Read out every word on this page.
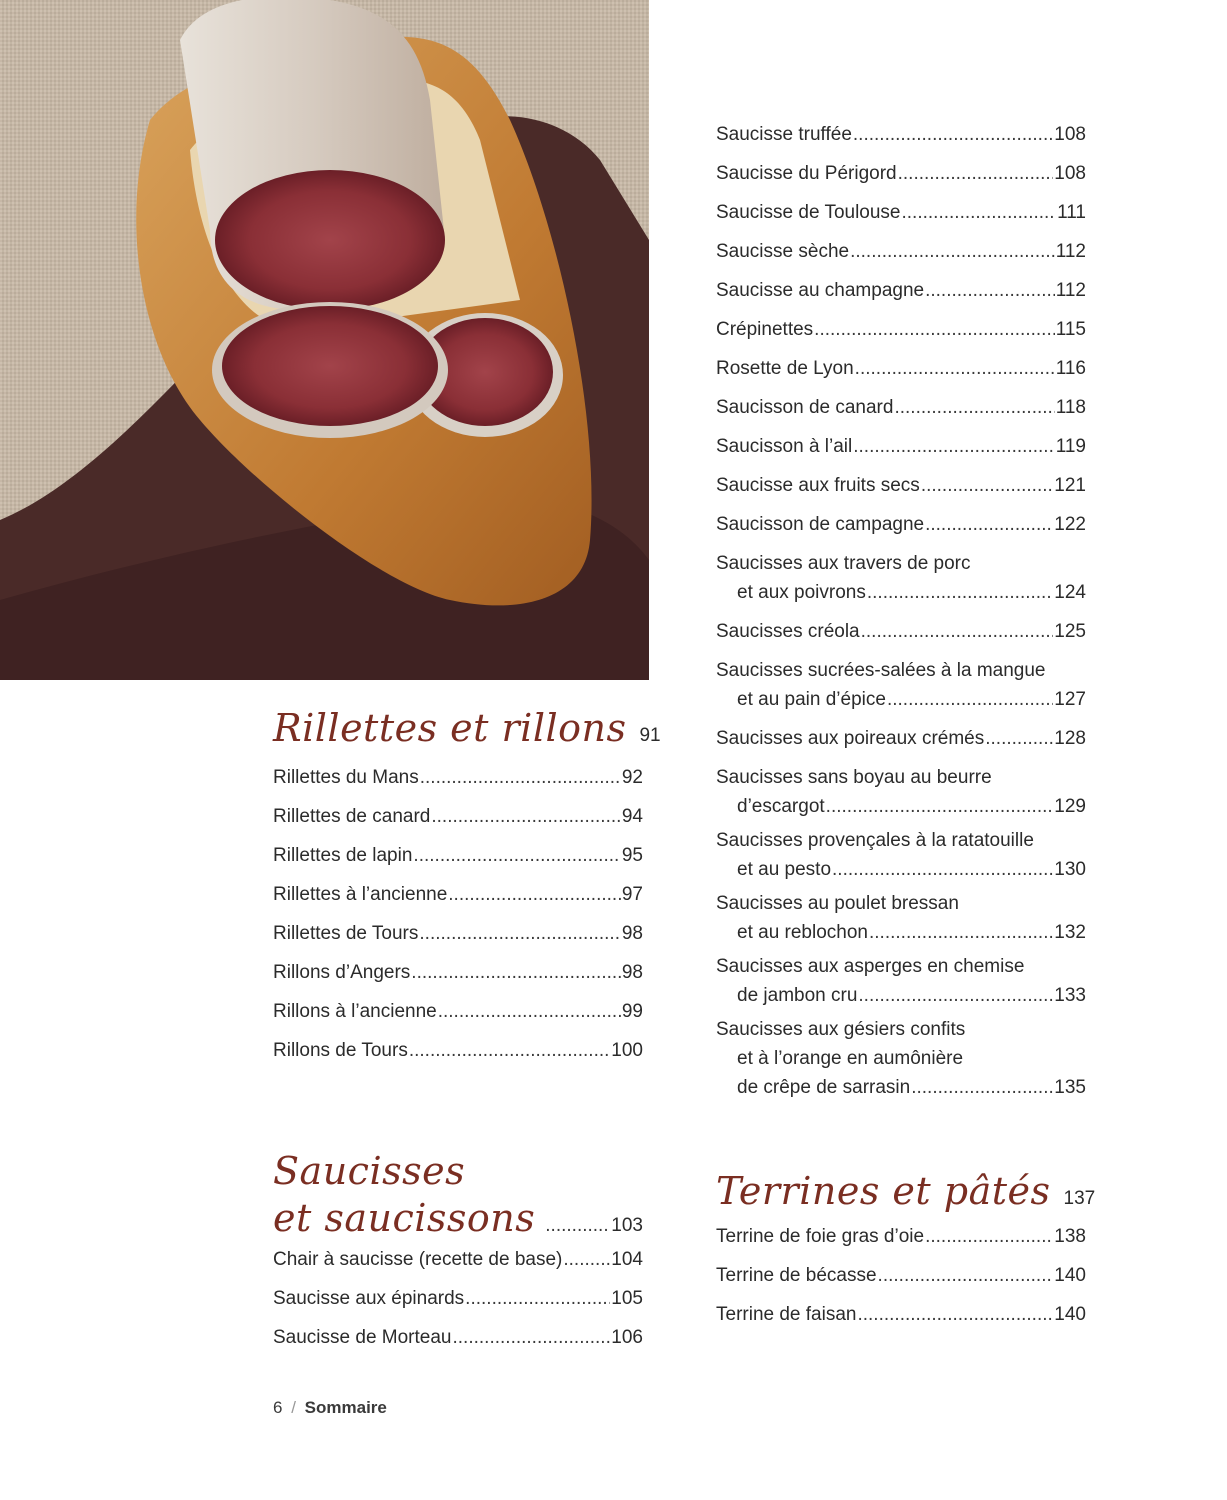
Rillettes et rillons 91
Rillettes du Mans .....	92
Rillettes de canard .....	94
Rillettes de lapin .....	95
Rillettes à l’ancienne .....	97
Rillettes de Tours .....	98
Rillons d’Angers .....	98
Rillons à l’ancienne .....	99
Rillons de Tours .....	100
Saucisses
et saucissons .....	103
Chair à saucisse (recette de base) .....	104
Saucisse aux épinards .....	105
Saucisse de Morteau .....	106
Saucisse truffée .....	108
Saucisse du Périgord .....	108
Saucisse de Toulouse .....	111
Saucisse sèche .....	112
Saucisse au champagne .....	112
Crépinettes .....	115
Rosette de Lyon .....	116
Saucisson de canard .....	118
Saucisson à l’ail .....	119
Saucisse aux fruits secs .....	121
Saucisson de campagne .....	122
Saucisses aux travers de porc
et aux poivrons .....	124
Saucisses créola .....	125
Saucisses sucrées-salées à la mangue
et au pain d’épice .....	127
Saucisses aux poireaux crémés .....	128
Saucisses sans boyau au beurre
d’escargot .....	129
Saucisses provençales à la ratatouille
et au pesto .....	130
Saucisses au poulet bressan
et au reblochon .....	132
Saucisses aux asperges en chemise
de jambon cru .....	133
Saucisses aux gésiers confits
et à l’orange en aumônière
de crêpe de sarrasin .....	135
Terrines et pâtés 137
Terrine de foie gras d’oie .....	138
Terrine de bécasse .....	140
Terrine de faisan .....	140
6 / Sommaire
